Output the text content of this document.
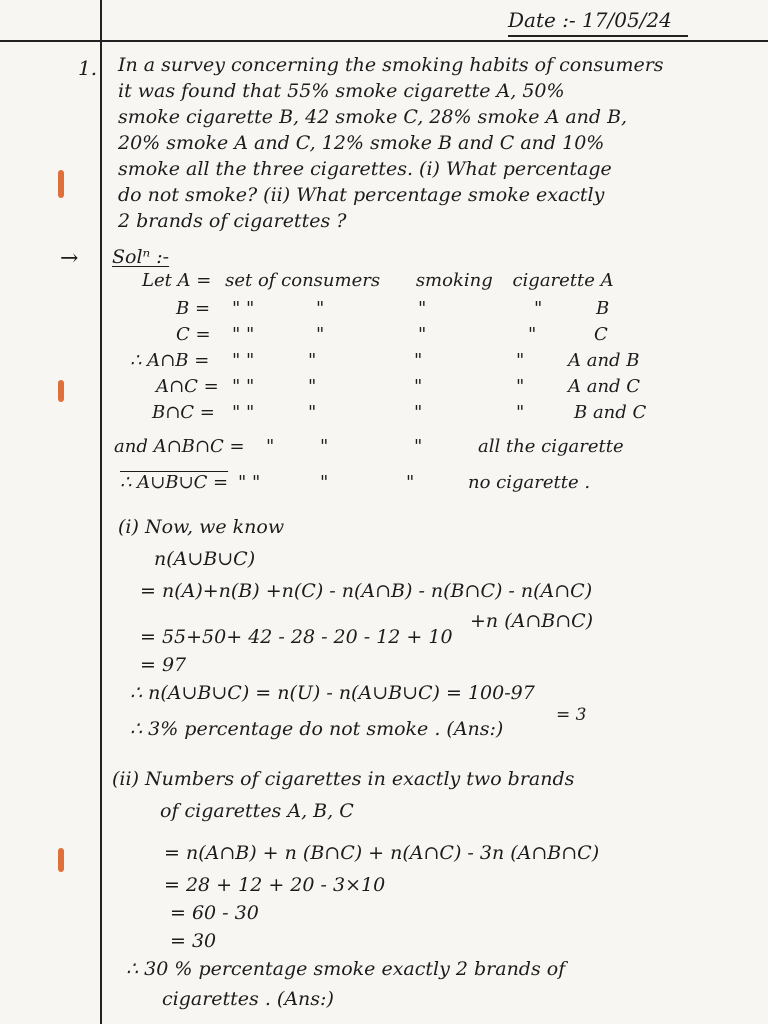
Date :- 17/05/24
1. In a survey concerning the smoking habits of consumers
it was found that 55% smoke cigarette A, 50%
smoke cigarette B, 42 smoke C, 28% smoke A and B,
20% smoke A and C, 12% smoke B and C and 10%
smoke all the three cigarettes. (i) What percentage
do not smoke? (ii) What percentage smoke exactly
2 brands of cigarettes ?
→ Solⁿ :-
Let A = set of consumers smoking cigarette A
B = " "	"	"	"	B
C = " "	"	"	"	C
∴ A∩B = " "	"	"	" A and B
A∩C = " "	"	"	" A and C
B∩C = " "	"	"	"	B and C
and A∩B∩C = "	"	"	all the cigarette
∴ A∪B∪C = " "	"	"	no cigarette .
(i) Now, we know
n(A∪B∪C)
= n(A)+n(B) +n(C) - n(A∩B) - n(B∩C) - n(A∩C)
+n (A∩B∩C)
= 55+50+ 42 - 28 - 20 - 12 + 10
= 97
∴ n(A∪B∪C) = n(U) - n(A∪B∪C) = 100-97
= 3
∴ 3% percentage do not smoke . (Ans:)
(ii) Numbers of cigarettes in exactly two brands
of cigarettes A, B, C
= n(A∩B) + n (B∩C) + n(A∩C) - 3n (A∩B∩C)
= 28 + 12 + 20 - 3×10
= 60 - 30
= 30
∴ 30 % percentage smoke exactly 2 brands of
cigarettes . (Ans:)
